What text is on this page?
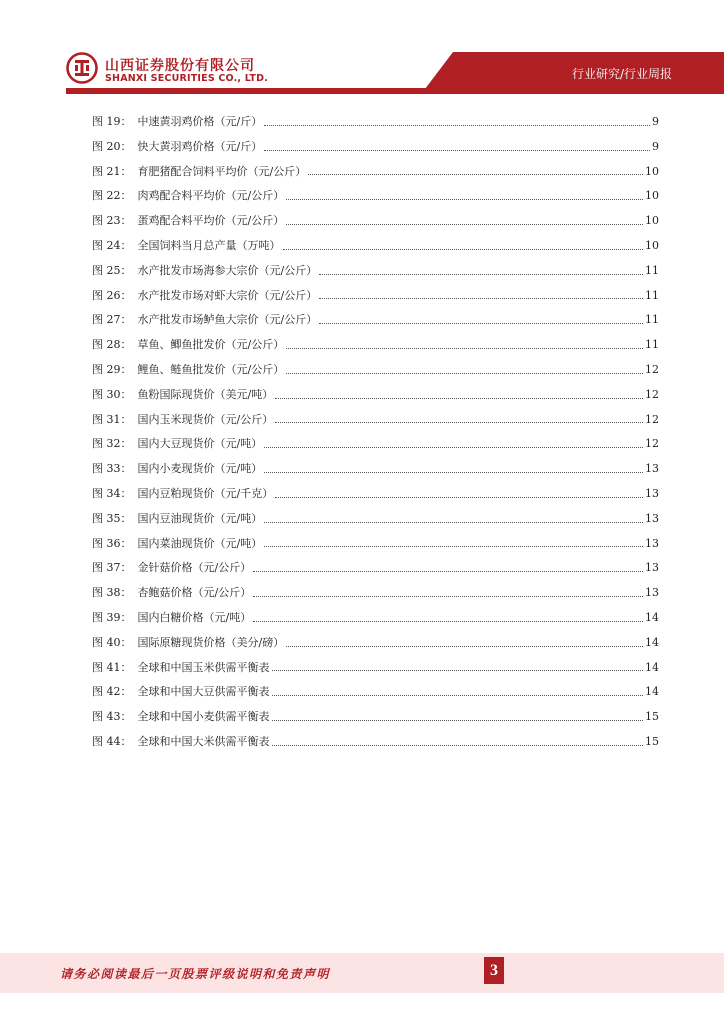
山西证券股份有限公司
SHANXI SECURITIES CO., LTD.	行业研究/行业周报
图 19： 中速黄羽鸡价格（元/斤）	9
图 20： 快大黄羽鸡价格（元/斤）	9
图 21： 育肥猪配合饲料平均价（元/公斤）	10
图 22： 肉鸡配合料平均价（元/公斤）	10
图 23： 蛋鸡配合料平均价（元/公斤）	10
图 24： 全国饲料当月总产量（万吨）	10
图 25： 水产批发市场海参大宗价（元/公斤）	11
图 26： 水产批发市场对虾大宗价（元/公斤）	11
图 27： 水产批发市场鲈鱼大宗价（元/公斤）	11
图 28： 草鱼、鲫鱼批发价（元/公斤）	11
图 29： 鲤鱼、鲢鱼批发价（元/公斤）	12
图 30： 鱼粉国际现货价（美元/吨）	12
图 31： 国内玉米现货价（元/公斤）	12
图 32： 国内大豆现货价（元/吨）	12
图 33： 国内小麦现货价（元/吨）	13
图 34： 国内豆粕现货价（元/千克）	13
图 35： 国内豆油现货价（元/吨）	13
图 36： 国内菜油现货价（元/吨）	13
图 37： 金针菇价格（元/公斤）	13
图 38： 杏鲍菇价格（元/公斤）	13
图 39： 国内白糖价格（元/吨）	14
图 40： 国际原糖现货价格（美分/磅）	14
图 41： 全球和中国玉米供需平衡表	14
图 42： 全球和中国大豆供需平衡表	14
图 43： 全球和中国小麦供需平衡表	15
图 44： 全球和中国大米供需平衡表	15
请务必阅读最后一页股票评级说明和免责声明	3
